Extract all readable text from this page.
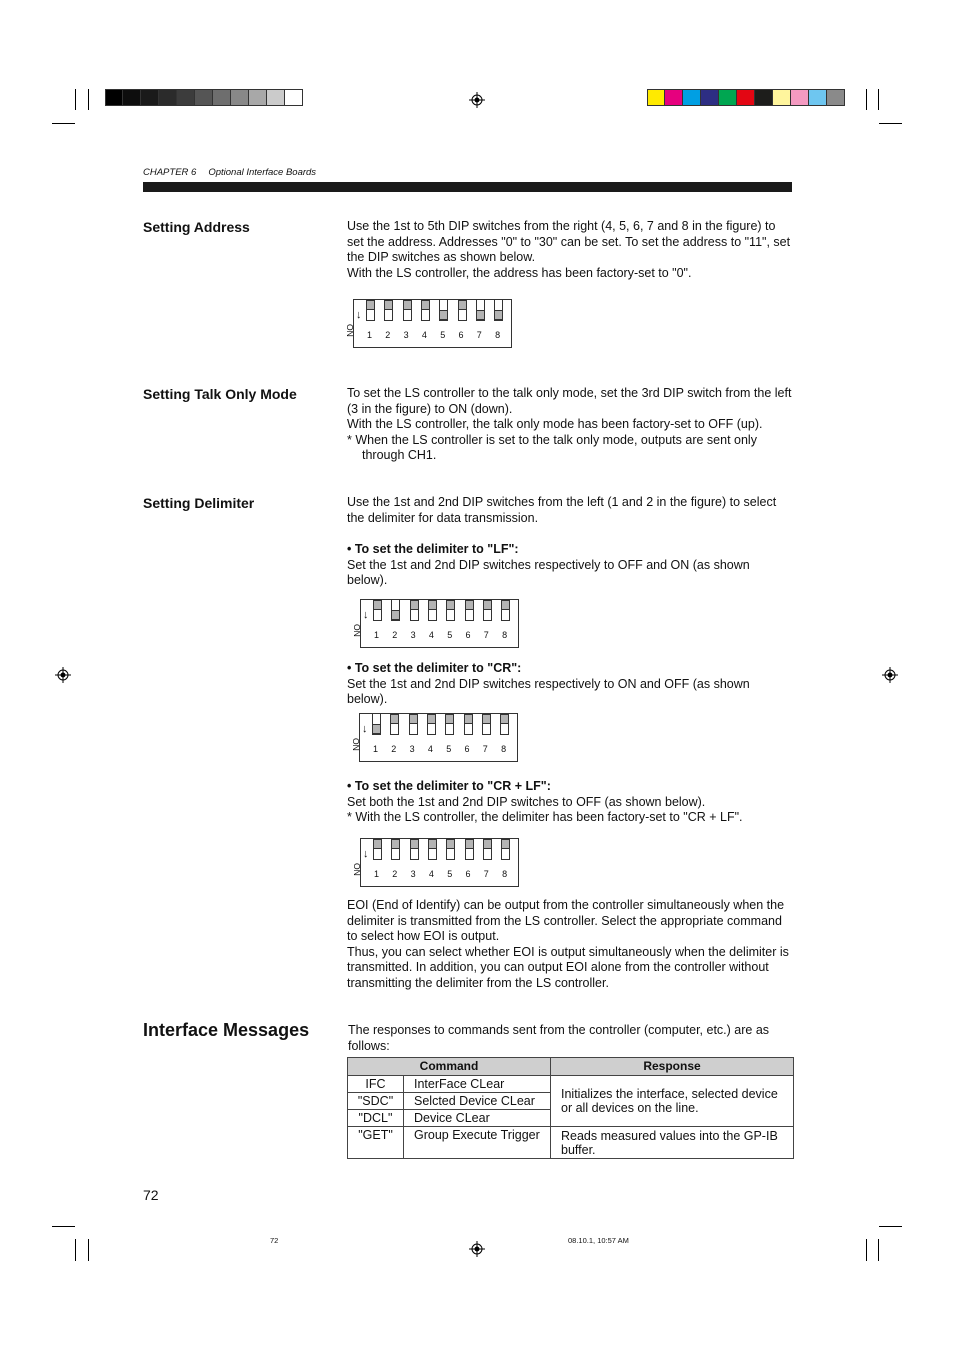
CHAPTER 6 Optional Interface Boards
Setting Address	Use the 1st to 5th DIP switches from the right (4, 5, 6, 7 and 8 in the figure) to set the address. Addresses "0" to "30" can be set. To set the address to "11", set the DIP switches as shown below.

With the LS controller, the address has been factory-set to "0".

ON
↓
1 2 3 4 5 6 7 8
Setting Talk Only Mode	To set the LS controller to the talk only mode, set the 3rd DIP switch from the left (3 in the figure) to ON (down).

With the LS controller, the talk only mode has been factory-set to OFF (up).

* When the LS controller is set to the talk only mode, outputs are sent only through CH1.

Setting Delimiter	Use the 1st and 2nd DIP switches from the left (1 and 2 in the figure) to select the delimiter for data transmission.

• To set the delimiter to "LF":

Set the 1st and 2nd DIP switches respectively to OFF and ON (as shown below).

ON
↓
1 2 3 4 5 6 7 8

• To set the delimiter to "CR":

Set the 1st and 2nd DIP switches respectively to ON and OFF (as shown below).

ON
↓
1 2 3 4 5 6 7 8

• To set the delimiter to "CR + LF":

Set both the 1st and 2nd DIP switches to OFF (as shown below).

* With the LS controller, the delimiter has been factory-set to "CR + LF".

ON
↓
1 2 3 4 5 6 7 8

EOI (End of Identify) can be output from the controller simultaneously when the delimiter is transmitted from the LS controller. Select the appropriate command to select how EOI is output.

Thus, you can select whether EOI is output simultaneously when the delimiter is transmitted. In addition, you can output EOI alone from the controller without transmitting the delimiter from the LS controller.

Interface Messages	The responses to commands sent from the controller (computer, etc.) are as follows:
Command		Response
IFC	InterFace CLear	Initializes the interface, selected device or all devices on the line.
"SDC"	Selcted Device CLear	
"DCL"	Device CLear	
"GET"	Group Execute Trigger	Reads measured values into the GP-IB buffer.
72
72	08.10.1, 10:57 AM
